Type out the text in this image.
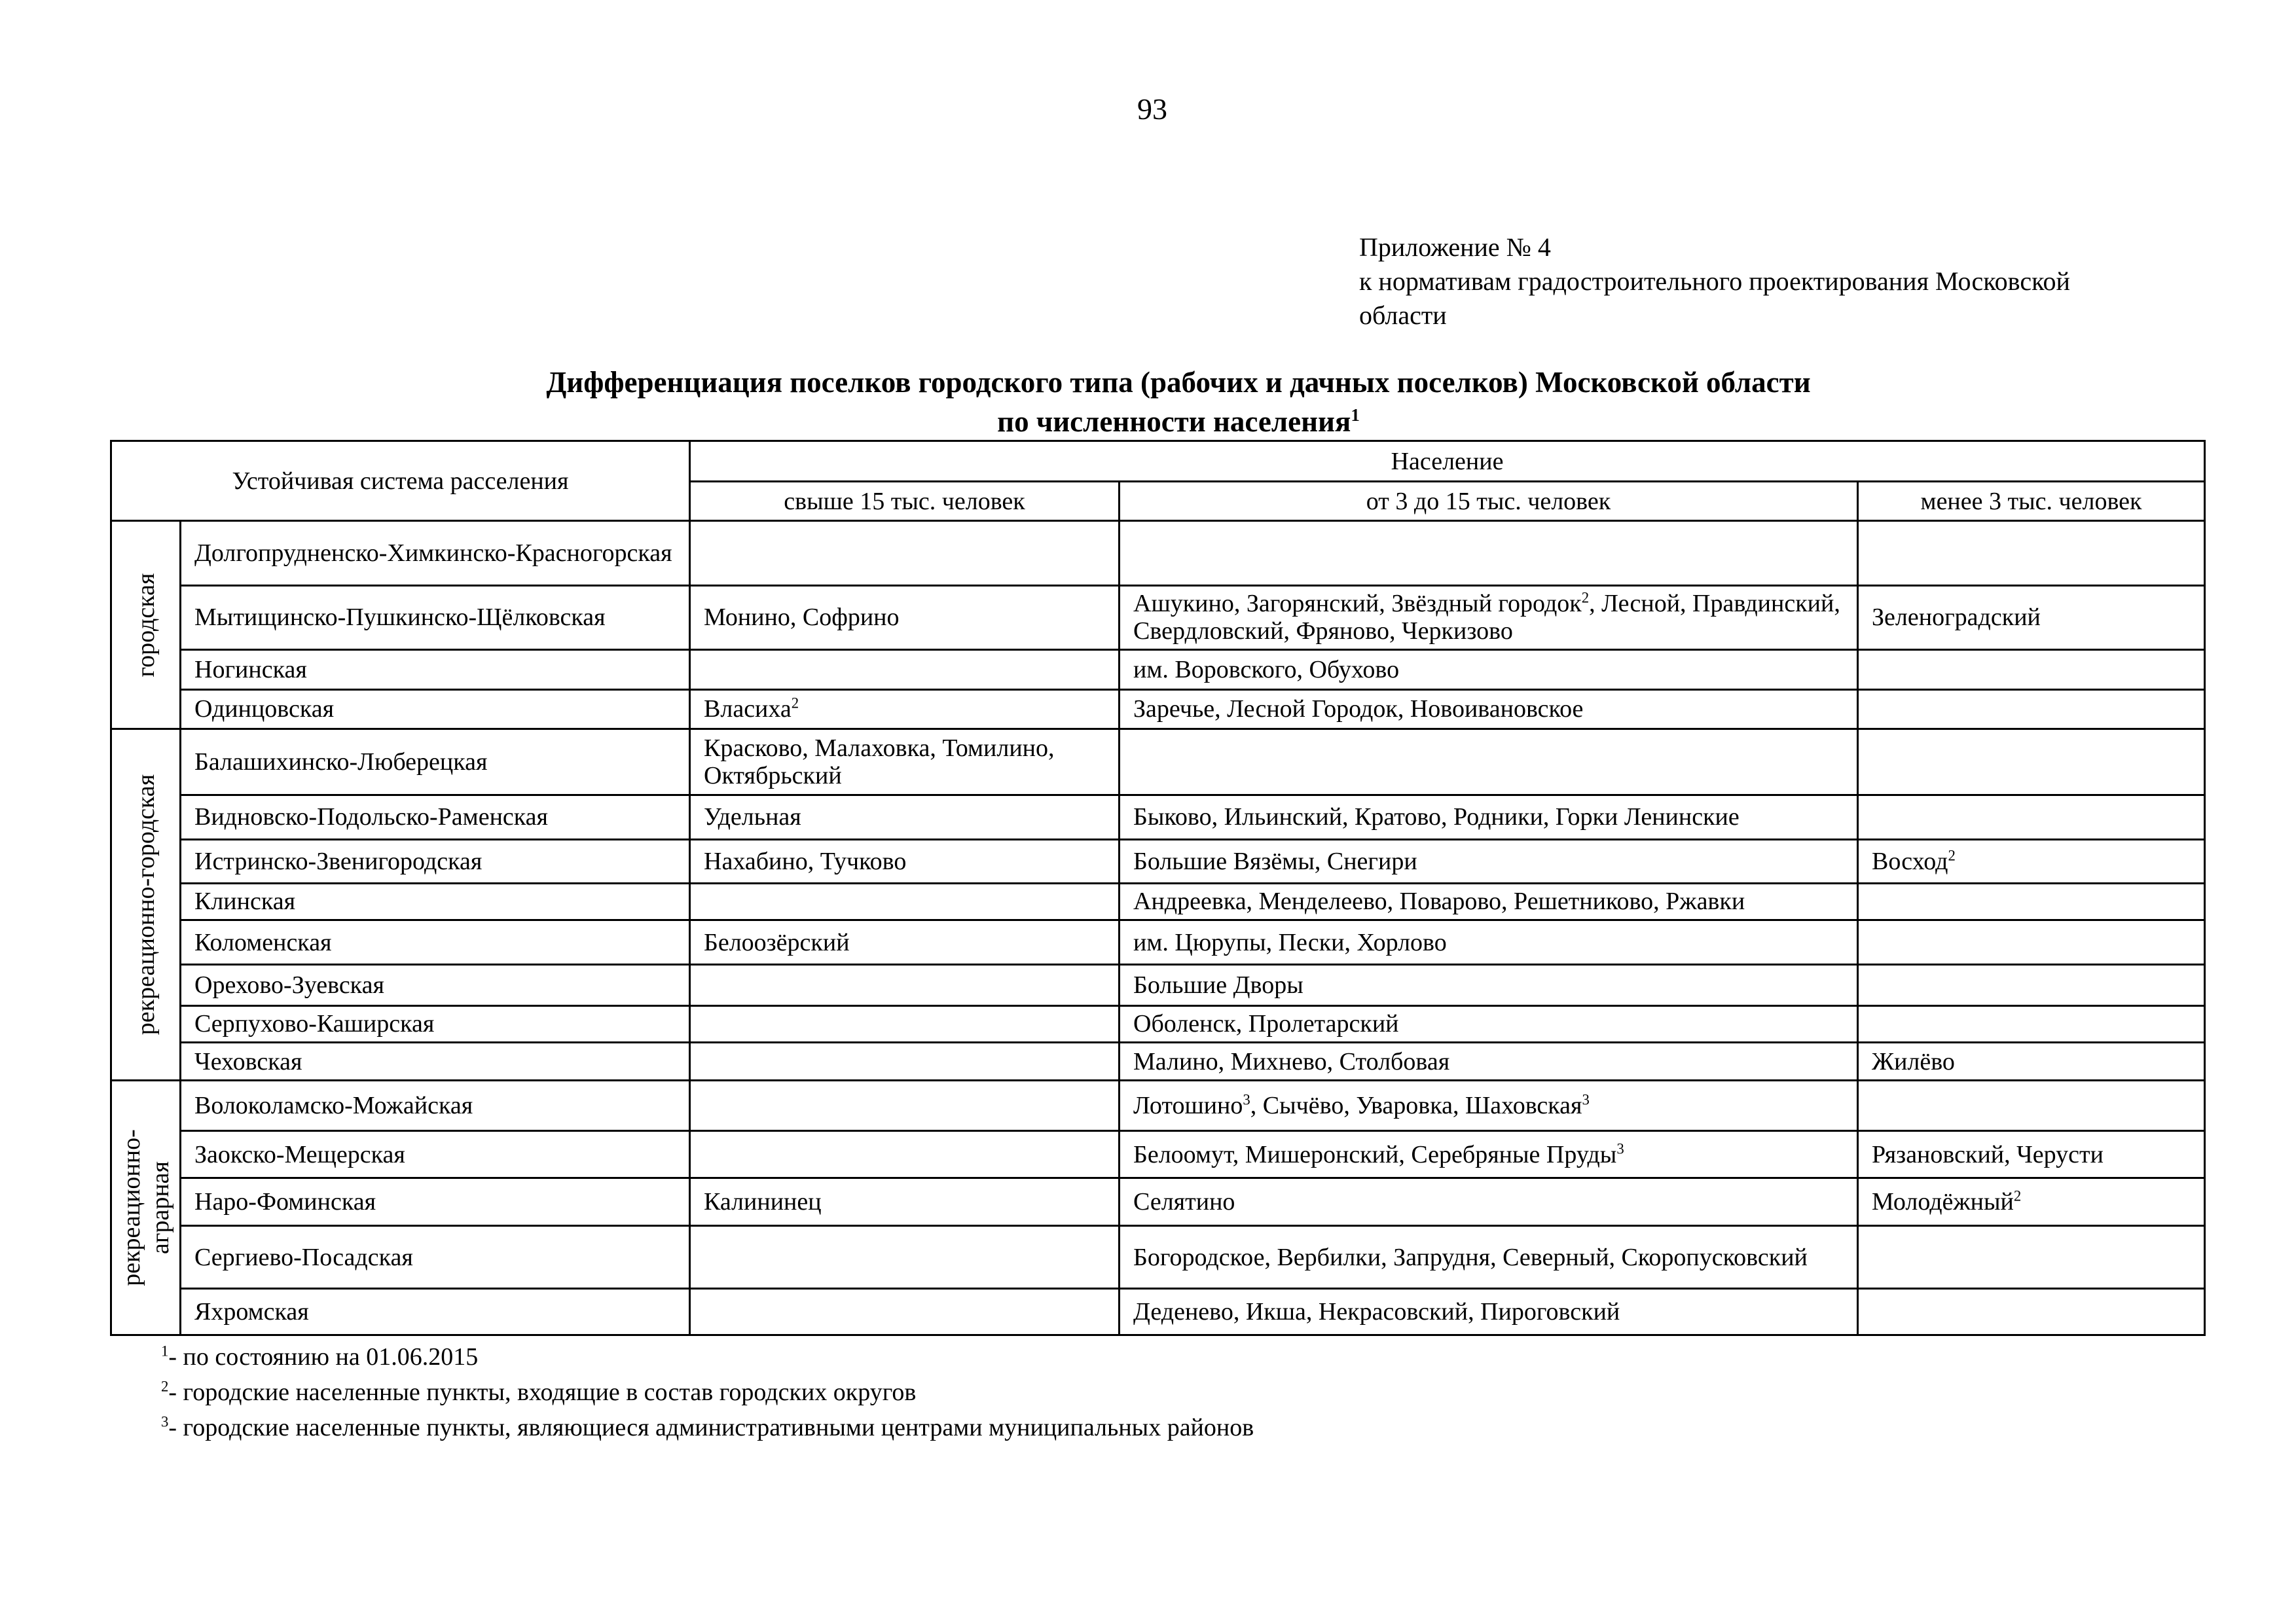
93
Приложение № 4
к нормативам градостроительного проектирования Московской
области
Дифференциация поселков городского типа (рабочих и дачных поселков) Московской области
по численности населения$^1$
Устойчивая система расселения		Население		
		свыше 15 тыс. человек	от 3 до 15 тыс. человек	менее 3 тыс. человек

городская	Долгопрудненско-Химкинско-Красногорская			
	Мытищинско-Пушкинско-Щёлковская	Монино, Софрино	Ашукино, Загорянский, Звёздный городок$^2$, Лесной, Правдинский, Свердловский, Фряново, Черкизово	Зеленоградский
	Ногинская		им. Воровского, Обухово	
	Одинцовская	Власиха$^2$	Заречье, Лесной Городок, Новоивановское	

рекреационно-городская	Балашихинско-Люберецкая	Красково, Малаховка, Томилино, Октябрьский		
	Видновско-Подольско-Раменская	Удельная	Быково, Ильинский, Кратово, Родники, Горки Ленинские	
	Истринско-Звенигородская	Нахабино, Тучково	Большие Вязёмы, Снегири	Восход$^2$
	Клинская		Андреевка, Менделеево, Поварово, Решетниково, Ржавки	
	Коломенская	Белоозёрский	им. Цюрупы, Пески, Хорлово	
	Орехово-Зуевская		Большие Дворы	
	Серпухово-Каширская		Оболенск, Пролетарский	
	Чеховская		Малино, Михнево, Столбовая	Жилёво

рекреационно-аграрная	Волоколамско-Можайская		Лотошино$^3$, Сычёво, Уваровка, Шаховская$^3$	
	Заокско-Мещерская		Белоомут, Мишеронский, Серебряные Пруды$^3$	Рязановский, Черусти
	Наро-Фоминская	Калининец	Селятино	Молодёжный$^2$
	Сергиево-Посадская		Богородское, Вербилки, Запрудня, Северный, Скоропусковский	
	Яхромская		Деденево, Икша, Некрасовский, Пироговский	
$^1$- по состоянию на 01.06.2015
$^2$- городские населенные пункты, входящие в состав городских округов
$^3$- городские населенные пункты, являющиеся административными центрами муниципальных районов
